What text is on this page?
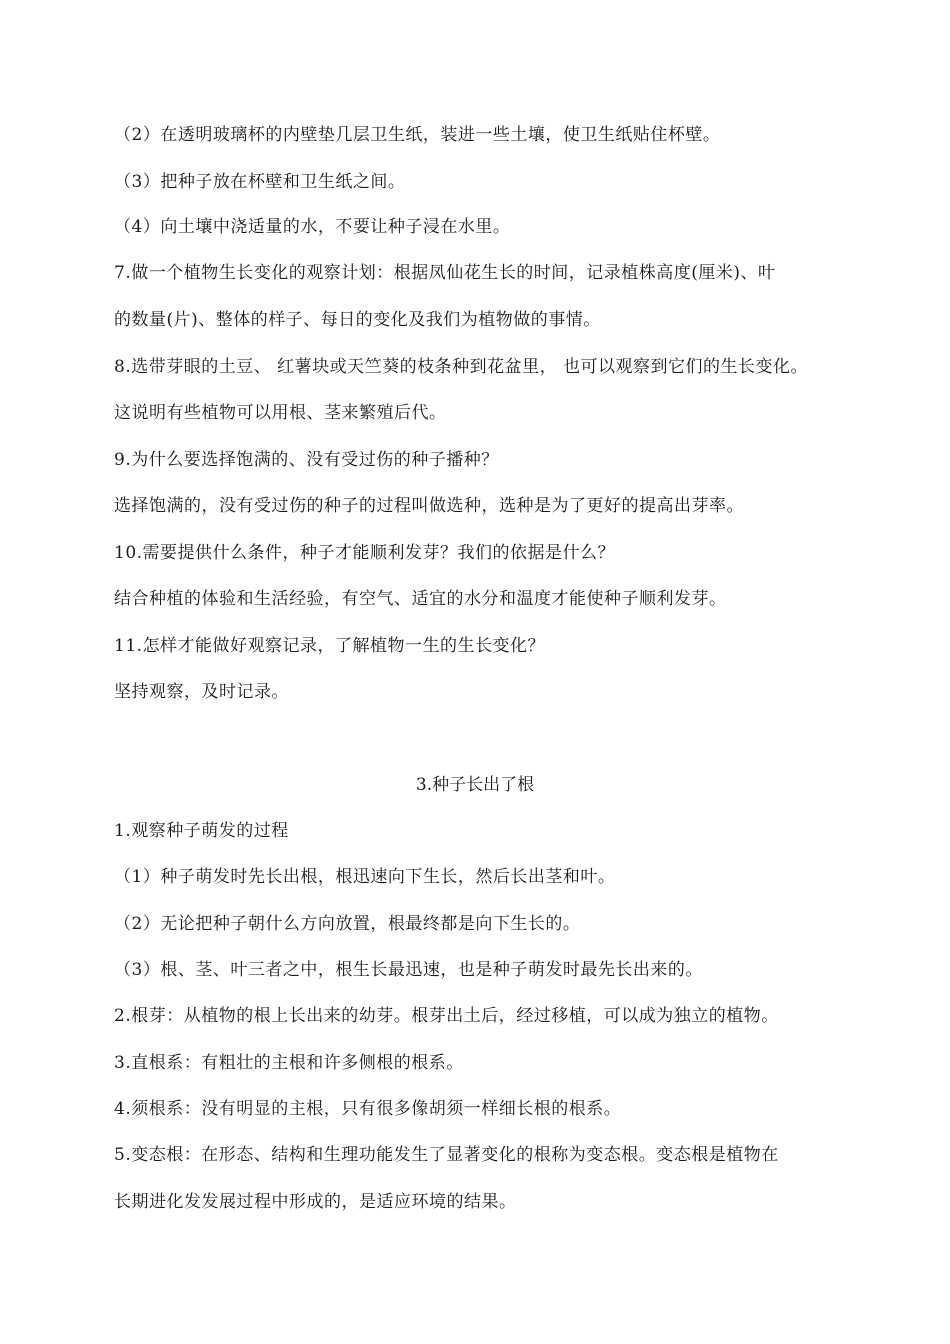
（2）在透明玻璃杯的内壁垫几层卫生纸，装进一些土壤，使卫生纸贴住杯壁。
（3）把种子放在杯壁和卫生纸之间。
（4）向土壤中浇适量的水，不要让种子浸在水里。
7.做一个植物生长变化的观察计划：根据凤仙花生长的时间，记录植株高度(厘米)、叶
的数量(片)、整体的样子、每日的变化及我们为植物做的事情。
8.选带芽眼的土豆、 红薯块或天竺葵的枝条种到花盆里， 也可以观察到它们的生长变化。
这说明有些植物可以用根、茎来繁殖后代。
9.为什么要选择饱满的、没有受过伤的种子播种？
选择饱满的，没有受过伤的种子的过程叫做选种，选种是为了更好的提高出芽率。
10.需要提供什么条件，种子才能顺利发芽？我们的依据是什么？
结合种植的体验和生活经验，有空气、适宜的水分和温度才能使种子顺利发芽。
11.怎样才能做好观察记录，了解植物一生的生长变化？
坚持观察，及时记录。
3.种子长出了根
1.观察种子萌发的过程
（1）种子萌发时先长出根，根迅速向下生长，然后长出茎和叶。
（2）无论把种子朝什么方向放置，根最终都是向下生长的。
（3）根、茎、叶三者之中，根生长最迅速，也是种子萌发时最先长出来的。
2.根芽：从植物的根上长出来的幼芽。根芽出土后，经过移植，可以成为独立的植物。
3.直根系：有粗壮的主根和许多侧根的根系。
4.须根系：没有明显的主根，只有很多像胡须一样细长根的根系。
5.变态根：在形态、结构和生理功能发生了显著变化的根称为变态根。变态根是植物在
长期进化发发展过程中形成的，是适应环境的结果。
